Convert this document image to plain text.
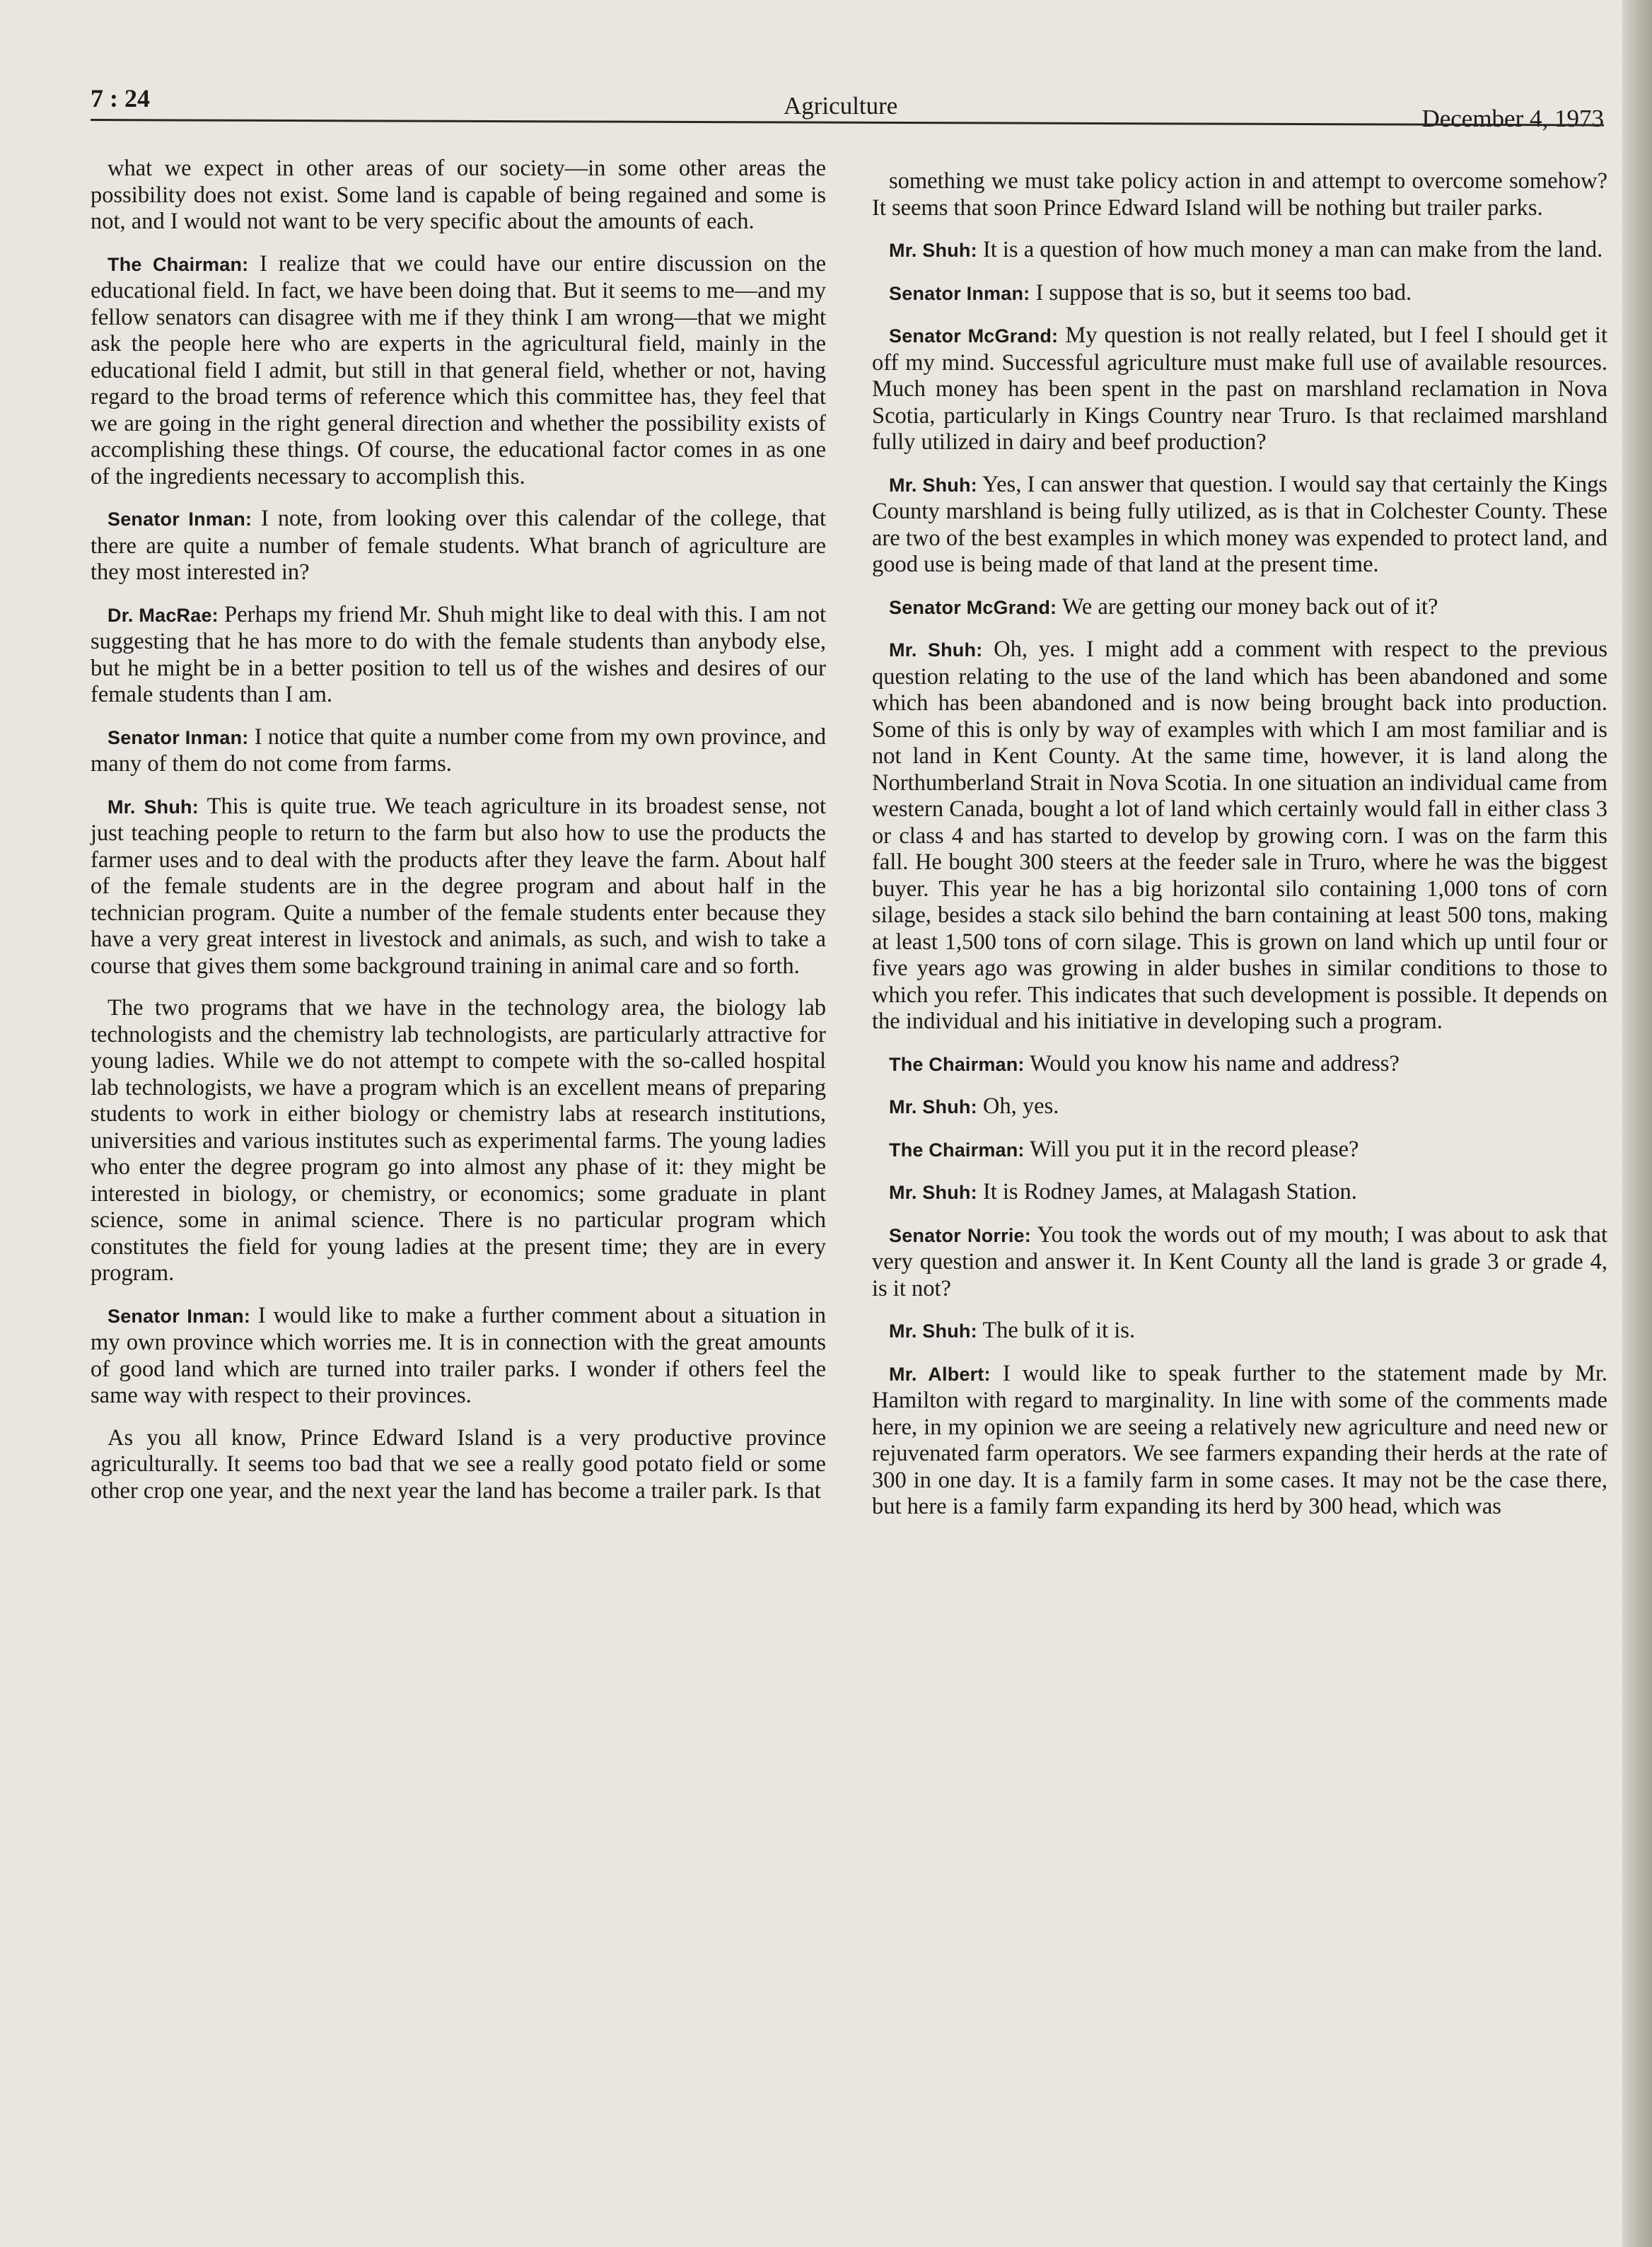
7 : 24	Agriculture	December 4, 1973

what we expect in other areas of our society—in some other areas the possibility does not exist. Some land is capable of being regained and some is not, and I would not want to be very specific about the amounts of each.

The Chairman: I realize that we could have our entire discussion on the educational field. In fact, we have been doing that. But it seems to me—and my fellow senators can disagree with me if they think I am wrong—that we might ask the people here who are experts in the agricultural field, mainly in the educational field I admit, but still in that general field, whether or not, having regard to the broad terms of reference which this committee has, they feel that we are going in the right general direction and whether the possibility exists of accomplishing these things. Of course, the educational factor comes in as one of the ingredients necessary to accomplish this.

Senator Inman: I note, from looking over this calendar of the college, that there are quite a number of female students. What branch of agriculture are they most interested in?

Dr. MacRae: Perhaps my friend Mr. Shuh might like to deal with this. I am not suggesting that he has more to do with the female students than anybody else, but he might be in a better position to tell us of the wishes and desires of our female students than I am.

Senator Inman: I notice that quite a number come from my own province, and many of them do not come from farms.

Mr. Shuh: This is quite true. We teach agriculture in its broadest sense, not just teaching people to return to the farm but also how to use the products the farmer uses and to deal with the products after they leave the farm. About half of the female students are in the degree program and about half in the technician program. Quite a number of the female students enter because they have a very great interest in livestock and animals, as such, and wish to take a course that gives them some background training in animal care and so forth.

The two programs that we have in the technology area, the biology lab technologists and the chemistry lab technologists, are particularly attractive for young ladies. While we do not attempt to compete with the so-called hospital lab technologists, we have a program which is an excellent means of preparing students to work in either biology or chemistry labs at research institutions, universities and various institutes such as experimental farms. The young ladies who enter the degree program go into almost any phase of it: they might be interested in biology, or chemistry, or economics; some graduate in plant science, some in animal science. There is no particular program which constitutes the field for young ladies at the present time; they are in every program.

Senator Inman: I would like to make a further comment about a situation in my own province which worries me. It is in connection with the great amounts of good land which are turned into trailer parks. I wonder if others feel the same way with respect to their provinces.

As you all know, Prince Edward Island is a very productive province agriculturally. It seems too bad that we see a really good potato field or some other crop one year, and the next year the land has become a trailer park. Is that

something we must take policy action in and attempt to overcome somehow? It seems that soon Prince Edward Island will be nothing but trailer parks.

Mr. Shuh: It is a question of how much money a man can make from the land.

Senator Inman: I suppose that is so, but it seems too bad.

Senator McGrand: My question is not really related, but I feel I should get it off my mind. Successful agriculture must make full use of available resources. Much money has been spent in the past on marshland reclamation in Nova Scotia, particularly in Kings Country near Truro. Is that reclaimed marshland fully utilized in dairy and beef production?

Mr. Shuh: Yes, I can answer that question. I would say that certainly the Kings County marshland is being fully utilized, as is that in Colchester County. These are two of the best examples in which money was expended to protect land, and good use is being made of that land at the present time.

Senator McGrand: We are getting our money back out of it?

Mr. Shuh: Oh, yes. I might add a comment with respect to the previous question relating to the use of the land which has been abandoned and some which has been abandoned and is now being brought back into production. Some of this is only by way of examples with which I am most familiar and is not land in Kent County. At the same time, however, it is land along the Northumberland Strait in Nova Scotia. In one situation an individual came from western Canada, bought a lot of land which certainly would fall in either class 3 or class 4 and has started to develop by growing corn. I was on the farm this fall. He bought 300 steers at the feeder sale in Truro, where he was the biggest buyer. This year he has a big horizontal silo containing 1,000 tons of corn silage, besides a stack silo behind the barn containing at least 500 tons, making at least 1,500 tons of corn silage. This is grown on land which up until four or five years ago was growing in alder bushes in similar conditions to those to which you refer. This indicates that such development is possible. It depends on the individual and his initiative in developing such a program.

The Chairman: Would you know his name and address?

Mr. Shuh: Oh, yes.

The Chairman: Will you put it in the record please?

Mr. Shuh: It is Rodney James, at Malagash Station.

Senator Norrie: You took the words out of my mouth; I was about to ask that very question and answer it. In Kent County all the land is grade 3 or grade 4, is it not?

Mr. Shuh: The bulk of it is.

Mr. Albert: I would like to speak further to the statement made by Mr. Hamilton with regard to marginality. In line with some of the comments made here, in my opinion we are seeing a relatively new agriculture and need new or rejuvenated farm operators. We see farmers expanding their herds at the rate of 300 in one day. It is a family farm in some cases. It may not be the case there, but here is a family farm expanding its herd by 300 head, which was
